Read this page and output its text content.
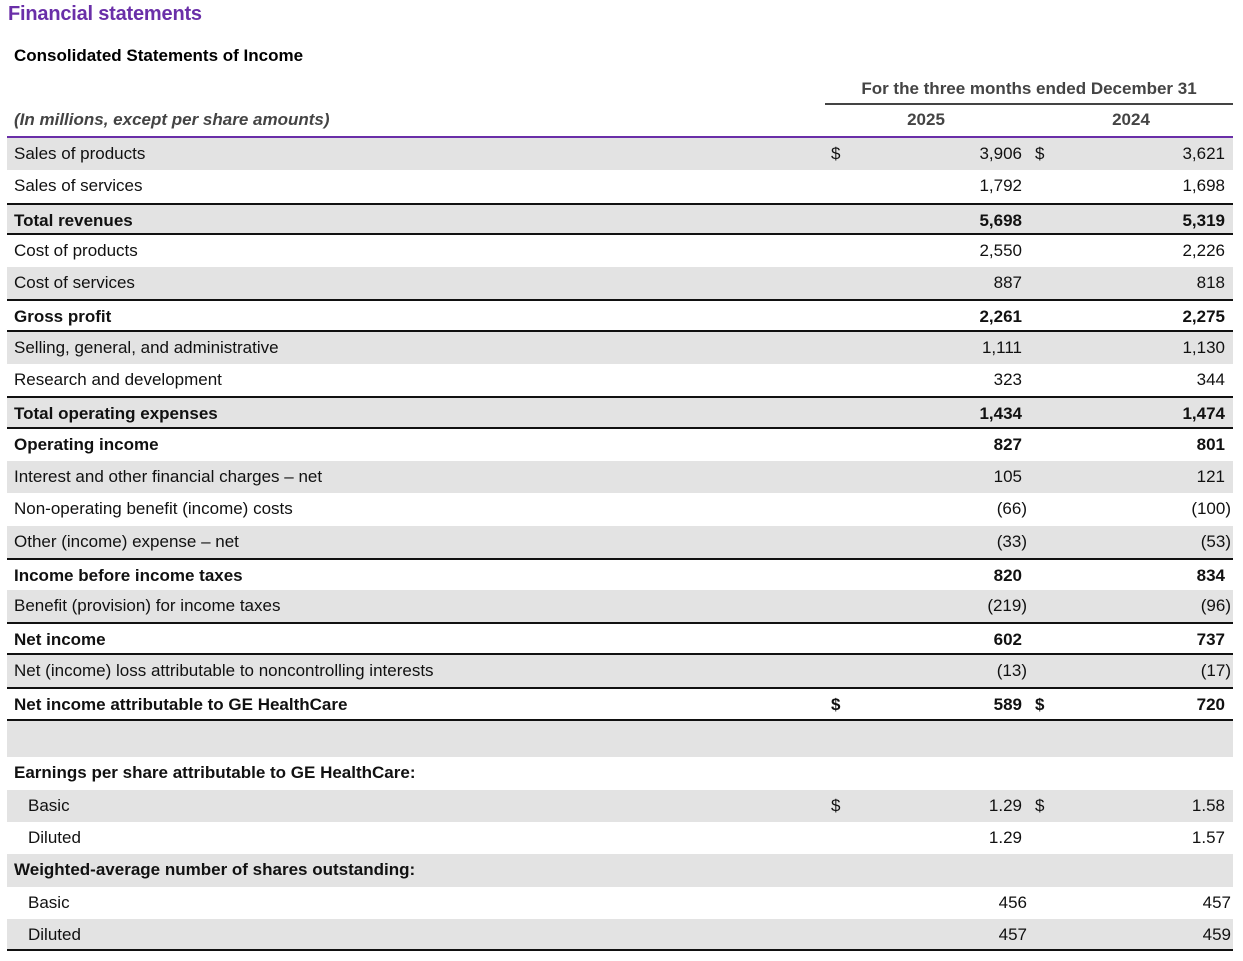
Financial statements
Consolidated Statements of Income
For the three months ended December 31
(In millions, except per share amounts)	2025	2024
Sales of products	$	3,906 $	3,621
Sales of services	1,792	1,698
Total revenues	5,698	5,319
Cost of products	2,550	2,226
Cost of services	887	818
Gross profit	2,261	2,275
Selling, general, and administrative	1,111	1,130
Research and development	323	344
Total operating expenses	1,434	1,474
Operating income	827	801
Interest and other financial charges – net	105	121
Non-operating benefit (income) costs	(66)	(100)
Other (income) expense – net	(33)	(53)
Income before income taxes	820	834
Benefit (provision) for income taxes	(219)	(96)
Net income	602	737
Net (income) loss attributable to noncontrolling interests	(13)	(17)
Net income attributable to GE HealthCare	$	589 $	720
Earnings per share attributable to GE HealthCare:
Basic	$	1.29 $	1.58
Diluted	1.29	1.57
Weighted-average number of shares outstanding:
Basic	456	457
Diluted	457	459
